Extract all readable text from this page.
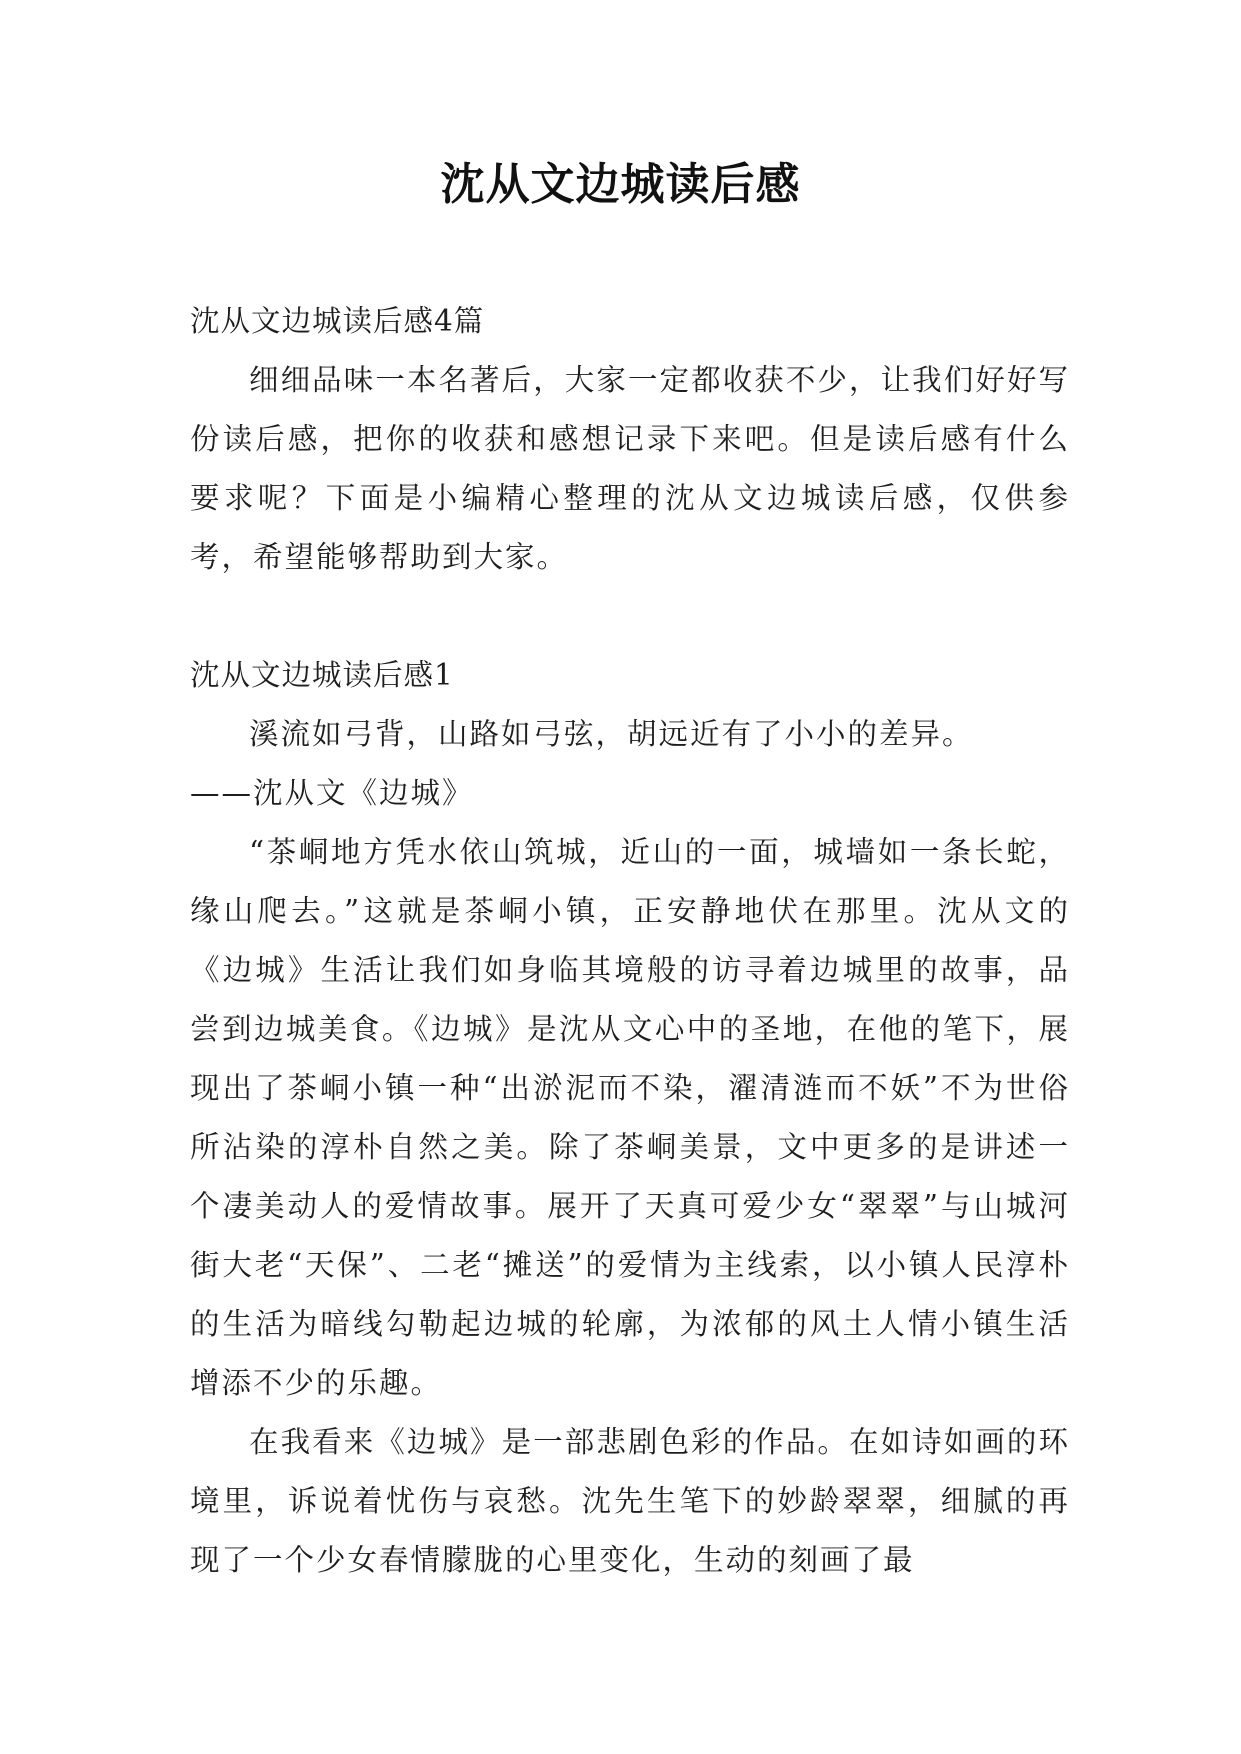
沈从文边城读后感

沈从文边城读后感4篇

细细品味一本名著后，大家一定都收获不少，让我们好好写份读后感，把你的收获和感想记录下来吧。但是读后感有什么要求呢？下面是小编精心整理的沈从文边城读后感，仅供参考，希望能够帮助到大家。

沈从文边城读后感1

溪流如弓背，山路如弓弦，胡远近有了小小的差异。

——沈从文《边城》

“茶峒地方凭水依山筑城，近山的一面，城墙如一条长蛇，缘山爬去。”这就是茶峒小镇，正安静地伏在那里。沈从文的《边城》生活让我们如身临其境般的访寻着边城里的故事，品尝到边城美食。《边城》是沈从文心中的圣地，在他的笔下，展现出了茶峒小镇一种“出淤泥而不染，濯清涟而不妖”不为世俗所沾染的淳朴自然之美。除了茶峒美景，文中更多的是讲述一个凄美动人的爱情故事。展开了天真可爱少女“翠翠”与山城河街大老“天保”、二老“摊送”的爱情为主线索，以小镇人民淳朴的生活为暗线勾勒起边城的轮廓，为浓郁的风土人情小镇生活增添不少的乐趣。

在我看来《边城》是一部悲剧色彩的作品。在如诗如画的环境里，诉说着忧伤与哀愁。沈先生笔下的妙龄翠翠，细腻的再现了一个少女春情朦胧的心里变化，生动的刻画了最
